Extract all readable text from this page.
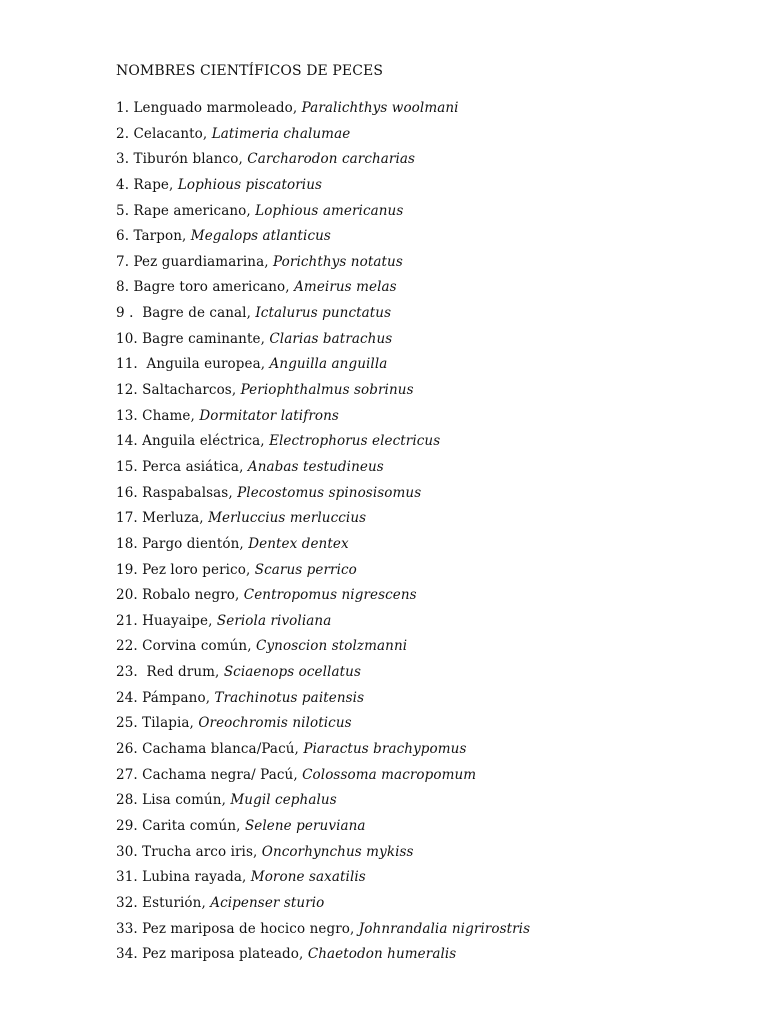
NOMBRES CIENTÍFICOS DE PECES
1. Lenguado marmoleado, Paralichthys woolmani
2. Celacanto, Latimeria chalumae
3. Tiburón blanco, Carcharodon carcharias
4. Rape, Lophious piscatorius
5. Rape americano, Lophious americanus
6. Tarpon, Megalops atlanticus
7. Pez guardiamarina, Porichthys notatus
8. Bagre toro americano, Ameirus melas
9 .  Bagre de canal, Ictalurus punctatus
10. Bagre caminante, Clarias batrachus
11.  Anguila europea, Anguilla anguilla
12. Saltacharcos, Periophthalmus sobrinus
13. Chame, Dormitator latifrons
14. Anguila eléctrica, Electrophorus electricus
15. Perca asiática, Anabas testudineus
16. Raspabalsas, Plecostomus spinosisomus
17. Merluza, Merluccius merluccius
18. Pargo dientón, Dentex dentex
19. Pez loro perico, Scarus perrico
20. Robalo negro, Centropomus nigrescens
21. Huayaipe, Seriola rivoliana
22. Corvina común, Cynoscion stolzmanni
23.  Red drum, Sciaenops ocellatus
24. Pámpano, Trachinotus paitensis
25. Tilapia, Oreochromis niloticus
26. Cachama blanca/Pacú, Piaractus brachypomus
27. Cachama negra/ Pacú, Colossoma macropomum
28. Lisa común, Mugil cephalus
29. Carita común, Selene peruviana
30. Trucha arco iris, Oncorhynchus mykiss
31. Lubina rayada, Morone saxatilis
32. Esturión, Acipenser sturio
33. Pez mariposa de hocico negro, Johnrandalia nigrirostris
34. Pez mariposa plateado, Chaetodon humeralis
